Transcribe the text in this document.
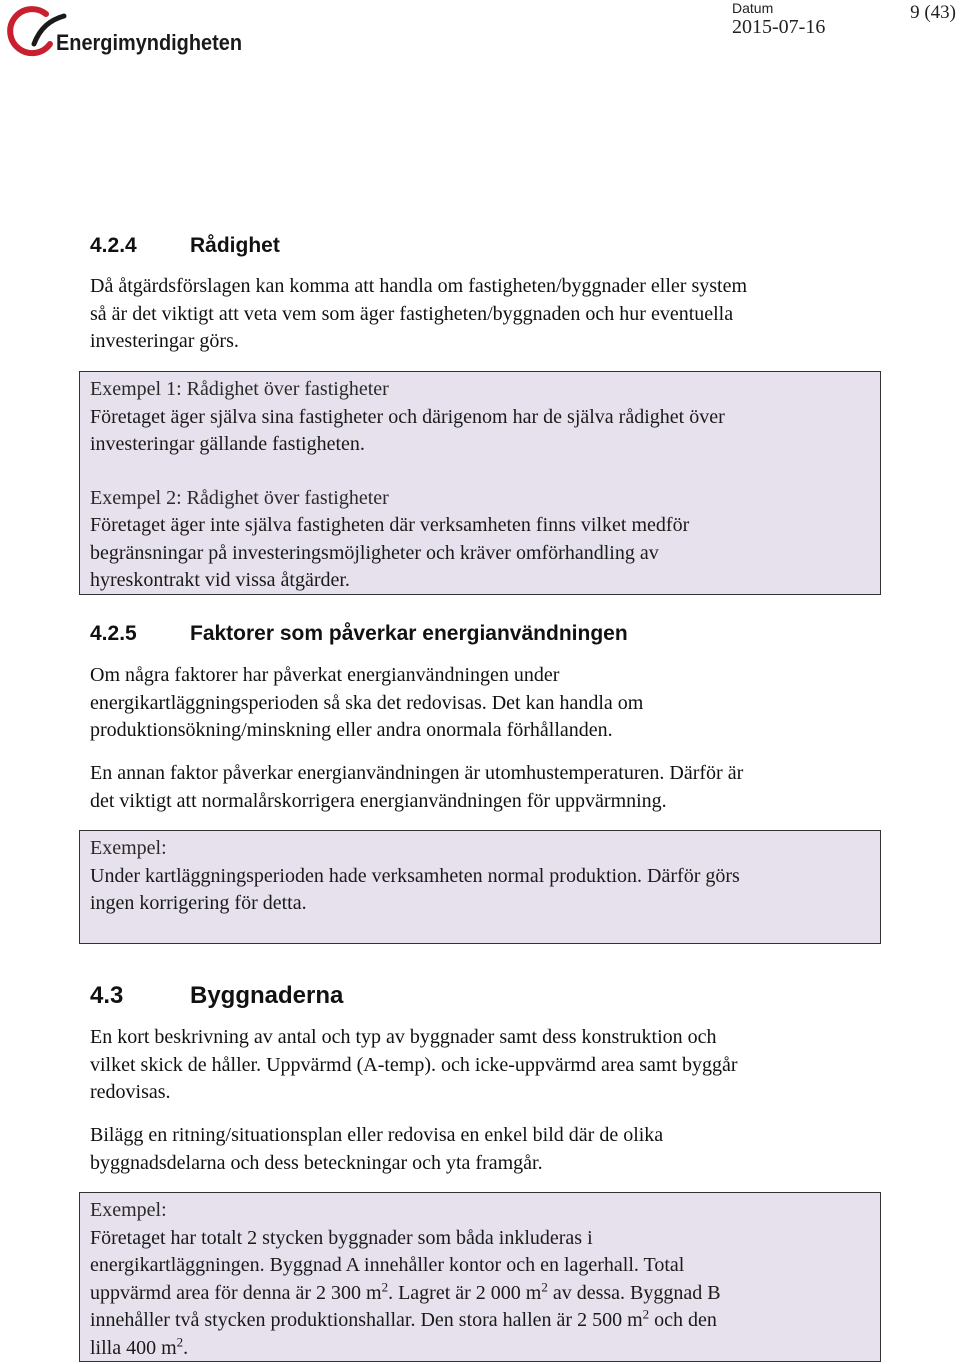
Energimyndigheten
Datum
2015-07-16
9 (43)
4.2.4	Rådighet
Då åtgärdsförslagen kan komma att handla om fastigheten/byggnader eller system
så är det viktigt att veta vem som äger fastigheten/byggnaden och hur eventuella
investeringar görs.

Exempel 1: Rådighet över fastigheter

Företaget äger själva sina fastigheter och därigenom har de själva rådighet över

investeringar gällande fastigheten.

Exempel 2: Rådighet över fastigheter

Företaget äger inte själva fastigheten där verksamheten finns vilket medför

begränsningar på investeringsmöjligheter och kräver omförhandling av

hyreskontrakt vid vissa åtgärder.

4.2.5	Faktorer som påverkar energianvändningen
Om några faktorer har påverkat energianvändningen under
energikartläggningsperioden så ska det redovisas. Det kan handla om
produktionsökning/minskning eller andra onormala förhållanden.
En annan faktor påverkar energianvändningen är utomhustemperaturen. Därför är
det viktigt att normalårskorrigera energianvändningen för uppvärmning.

Exempel:

Under kartläggningsperioden hade verksamheten normal produktion. Därför görs

ingen korrigering för detta.

4.3	Byggnaderna
En kort beskrivning av antal och typ av byggnader samt dess konstruktion och
vilket skick de håller. Uppvärmd (A-temp). och icke-uppvärmd area samt byggår
redovisas.
Bilägg en ritning/situationsplan eller redovisa en enkel bild där de olika
byggnadsdelarna och dess beteckningar och yta framgår.

Exempel:

Företaget har totalt 2 stycken byggnader som båda inkluderas i

energikartläggningen. Byggnad A innehåller kontor och en lagerhall. Total

uppvärmd area för denna är 2 300 $m^2$. Lagret är 2 000 $m^2$ av dessa. Byggnad B

innehåller två stycken produktionshallar. Den stora hallen är 2 500 $m^2$ och den

lilla 400 $m^2$.
